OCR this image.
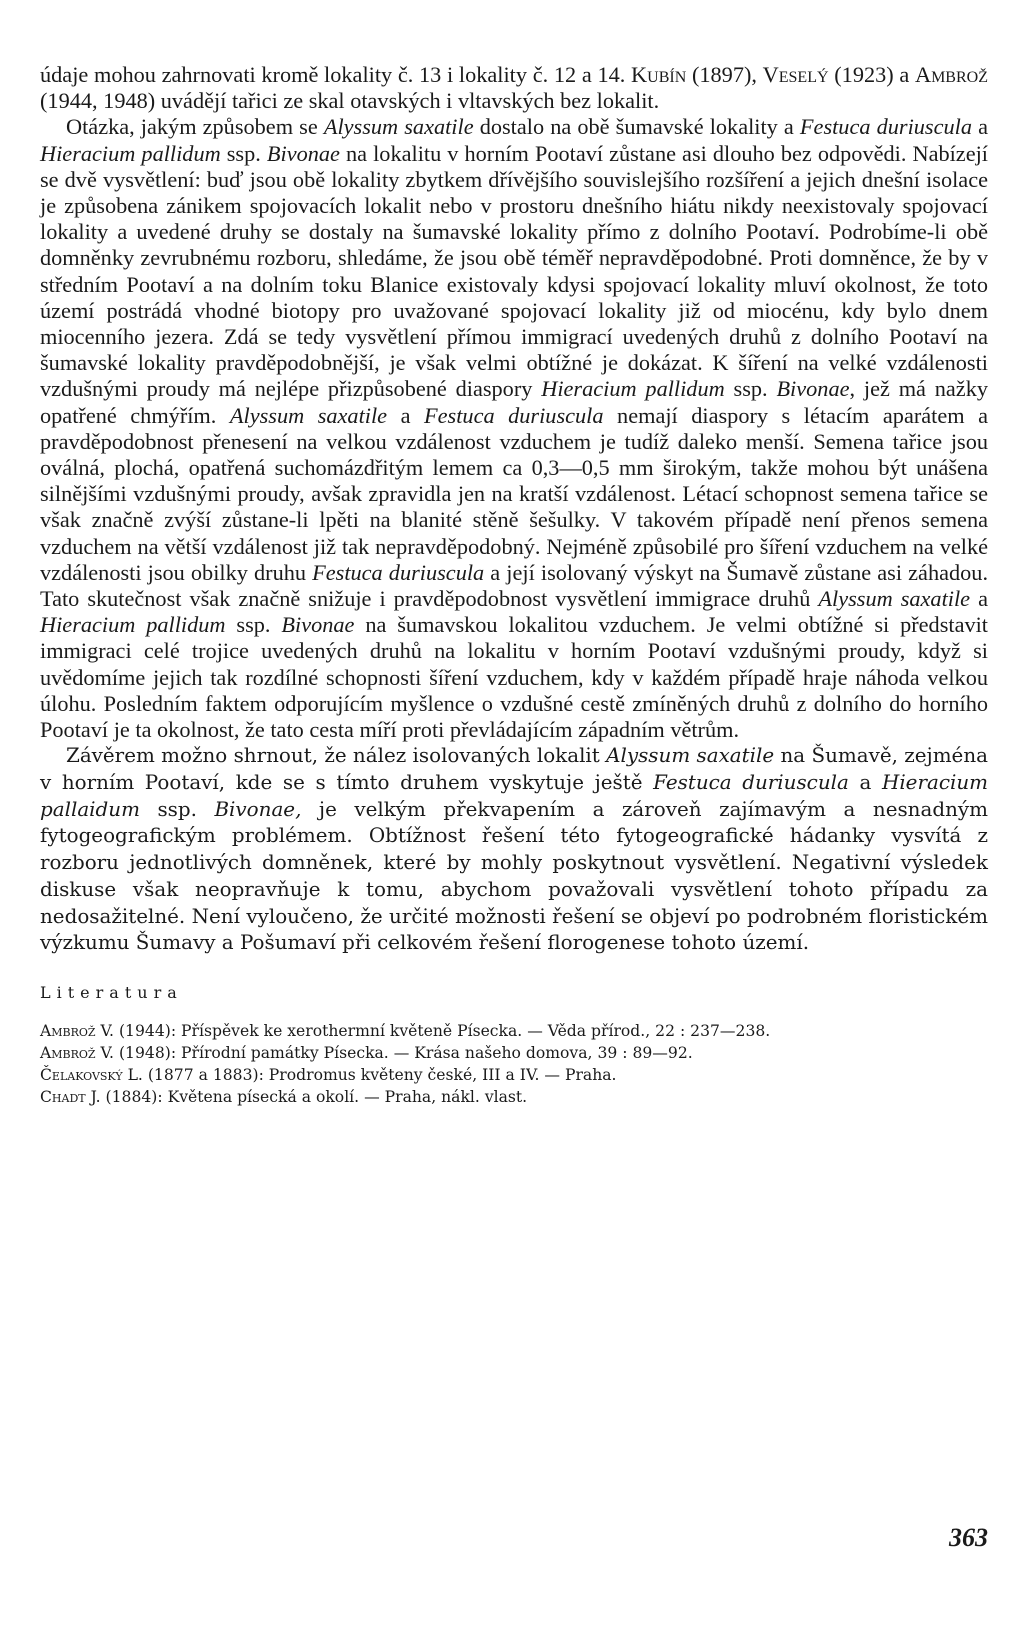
údaje mohou zahrnovati kromě lokality č. 13 i lokality č. 12 a 14. Kubín (1897), Veselý (1923) a Ambrož (1944, 1948) uvádějí tařici ze skal otavských i vltavských bez lokalit.

Otázka, jakým způsobem se Alyssum saxatile dostalo na obě šumavské lokality a Festuca duriuscula a Hieracium pallidum ssp. Bivonae na lokalitu v horním Pootaví zůstane asi dlouho bez odpovědi. Nabízejí se dvě vysvětlení: buď jsou obě lokality zbytkem dřívějšího souvislejšího rozšíření a jejich dnešní isolace je způsobena zánikem spojovacích lokalit nebo v prostoru dnešního hiátu nikdy neexistovaly spojovací lokality a uvedené druhy se dostaly na šumavské lokality přímo z dolního Pootaví. Podrobíme-li obě domněnky zevrubnému rozboru, shledáme, že jsou obě téměř nepravděpodobné. Proti domněnce, že by v středním Pootaví a na dolním toku Blanice existovaly kdysi spojovací lokality mluví okolnost, že toto území postrádá vhodné biotopy pro uvažované spojovací lokality již od miocénu, kdy bylo dnem miocenního jezera. Zdá se tedy vysvětlení přímou immigrací uvedených druhů z dolního Pootaví na šumavské lokality pravděpodobnější, je však velmi obtížné je dokázat. K šíření na velké vzdálenosti vzdušnými proudy má nejlépe přizpůsobené diaspory Hieracium pallidum ssp. Bivonae, jež má nažky opatřené chmýřím. Alyssum saxatile a Festuca duriuscula nemají diaspory s létacím aparátem a pravděpodobnost přenesení na velkou vzdálenost vzduchem je tudíž daleko menší. Semena tařice jsou oválná, plochá, opatřená suchomázdřitým lemem ca 0,3—0,5 mm širokým, takže mohou být unášena silnějšími vzdušnými proudy, avšak zpravidla jen na kratší vzdálenost. Létací schopnost semena tařice se však značně zvýší zůstane-li lpěti na blanité stěně šešulky. V takovém případě není přenos semena vzduchem na větší vzdálenost již tak nepravděpodobný. Nejméně způsobilé pro šíření vzduchem na velké vzdálenosti jsou obilky druhu Festuca duriuscula a její isolovaný výskyt na Šumavě zůstane asi záhadou. Tato skutečnost však značně snižuje i pravděpodobnost vysvětlení immigrace druhů Alyssum saxatile a Hieracium pallidum ssp. Bivonae na šumavskou lokalitou vzduchem. Je velmi obtížné si představit immigraci celé trojice uvedených druhů na lokalitu v horním Pootaví vzdušnými proudy, když si uvědomíme jejich tak rozdílné schopnosti šíření vzduchem, kdy v každém případě hraje náhoda velkou úlohu. Posledním faktem odporujícím myšlence o vzdušné cestě zmíněných druhů z dolního do horního Pootaví je ta okolnost, že tato cesta míří proti převládajícím západním větrům.

Závěrem možno shrnout, že nález isolovaných lokalit Alyssum saxatile na Šumavě, zejména v horním Pootaví, kde se s tímto druhem vyskytuje ještě Festuca duriuscula a Hieracium pallaidum ssp. Bivonae, je velkým překvapením a zároveň zajímavým a nesnadným fytogeografickým problémem. Obtížnost řešení této fytogeografické hádanky vysvítá z rozboru jednotlivých domněnek, které by mohly poskytnout vysvětlení. Negativní výsledek diskuse však neopravňuje k tomu, abychom považovali vysvětlení tohoto případu za nedosažitelné. Není vyloučeno, že určité možnosti řešení se objeví po podrobném floristickém výzkumu Šumavy a Pošumaví při celkovém řešení florogenese tohoto území.

Literatura
Ambrož V. (1944): Příspěvek ke xerothermní květeně Písecka. — Věda přírod., 22 : 237—238.
Ambrož V. (1948): Přírodní památky Písecka. — Krása našeho domova, 39 : 89—92.
Čelakovský L. (1877 a 1883): Prodromus květeny české, III a IV. — Praha.
Chadt J. (1884): Květena písecká a okolí. — Praha, nákl. vlast.
363
